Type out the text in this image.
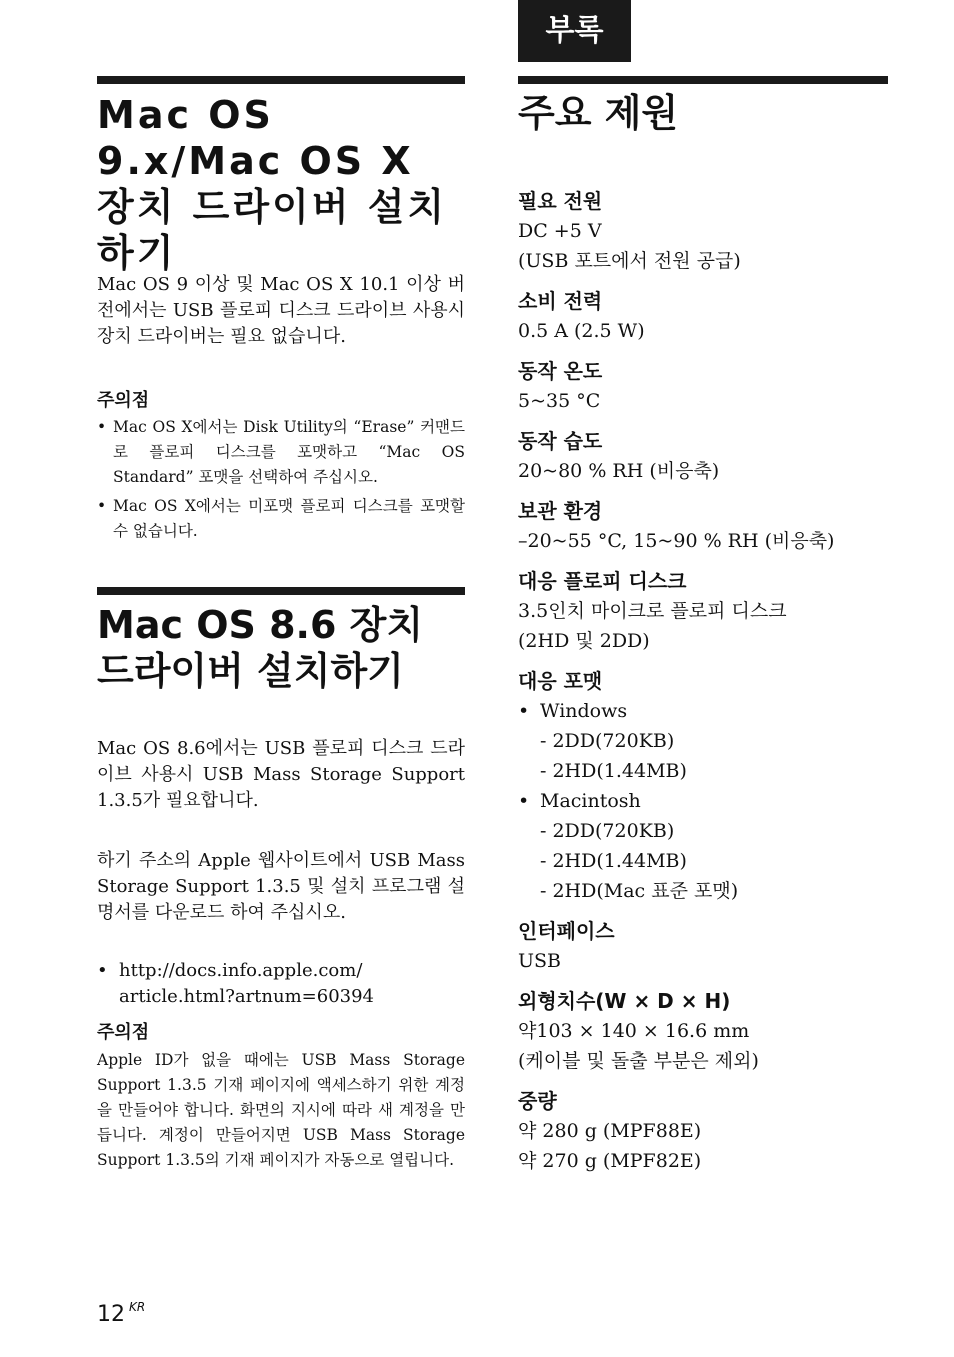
Mac OS 9.x/Mac OS X 장치 드라이버 설치하기

Mac OS 9 이상 및 Mac OS X 10.1 이상 버전에서는 USB 플로피 디스크 드라이브 사용시 장치 드라이버는 필요 없습니다.

주의점

• Mac OS X에서는 Disk Utility의 “Erase” 커맨드로 플로피 디스크를 포맷하고 “Mac OS Standard” 포맷을 선택하여 주십시오.
• Mac OS X에서는 미포맷 플로피 디스크를 포맷할 수 없습니다.
Mac OS 8.6 장치 드라이버 설치하기

Mac OS 8.6에서는 USB 플로피 디스크 드라이브 사용시 USB Mass Storage Support 1.3.5가 필요합니다.

하기 주소의 Apple 웹사이트에서 USB Mass Storage Support 1.3.5 및 설치 프로그램 설명서를 다운로드 하여 주십시오.

• http://docs.info.apple.com/
article.html?artnum=60394

주의점

Apple ID가 없을 때에는 USB Mass Storage Support 1.3.5 기재 페이지에 액세스하기 위한 계정을 만들어야 합니다. 화면의 지시에 따라 새 계정을 만듭니다. 계정이 만들어지면 USB Mass Storage Support 1.3.5의 기재 페이지가 자동으로 열립니다.

부록
주요 제원

필요 전원

DC +5 V
(USB 포트에서 전원 공급)

소비 전력

0.5 A (2.5 W)

동작 온도

5~35 °C

동작 습도

20~80 % RH (비응축)

보관 환경

–20~55 °C, 15~90 % RH (비응축)

대응 플로피 디스크

3.5인치 마이크로 플로피 디스크
(2HD 및 2DD)

대응 포맷

• Windows
- 2DD(720KB)
- 2HD(1.44MB)
• Macintosh
- 2DD(720KB)
- 2HD(1.44MB)
- 2HD(Mac 표준 포맷)

인터페이스

USB

외형치수(W × D × H)

약103 × 140 × 16.6 mm
(케이블 및 돌출 부분은 제외)

중량

약 280 g (MPF88E)
약 270 g (MPF82E)

12 $^{KR}$
